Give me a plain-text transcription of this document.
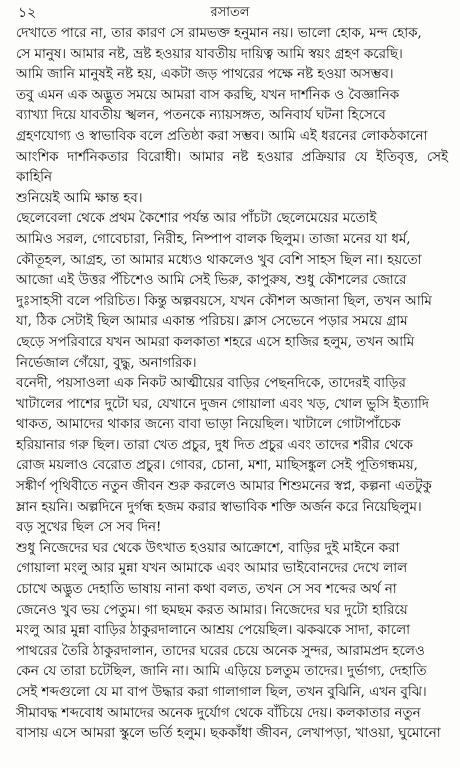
১২	রসাতল

দেখাতে পারে না, তার কারণ সে রামভক্ত হনুমান নয়। ভালো হোক, মন্দ হোক,
সে মানুষ। আমার নষ্ট, ভ্রষ্ট হওয়ার যাবতীয় দায়িত্ব আমি স্বয়ং গ্রহণ করেছি।
আমি জানি মানুষই নষ্ট হয়, একটা জড় পাথরের পক্ষে নষ্ট হওয়া অসম্ভব।

তবু এমন এক অদ্ভুত সময়ে আমরা বাস করছি, যখন দার্শনিক ও বৈজ্ঞানিক
ব্যাখ্যা দিয়ে যাবতীয় স্খলন, পতনকে ন্যায়সঙ্গত, অনিবার্য ঘটনা হিসেবে
গ্রহণযোগ্য ও স্বাভাবিক বলে প্রতিষ্ঠা করা সম্ভব। আমি এই ধরনের লোকঠকানো
আংশিক দার্শনিকতার বিরোধী। আমার নষ্ট হওয়ার প্রক্রিয়ার যে ইতিবৃত্ত, সেই কাহিনি
শুনিয়েই আমি ক্ষান্ত হব।

ছেলেবেলা থেকে প্রথম কৈশোর পর্যন্ত আর পাঁচটা ছেলেমেয়ের মতোই
আমিও সরল, গোবেচারা, নিরীহ, নিষ্পাপ বালক ছিলুম। তাজা মনের যা ধর্ম,
কৌতূহল, আগ্রহ, তা আমার মধ্যেও থাকলেও খুব বেশি সাহস ছিল না। হয়তো
আজো এই উত্তর পঁচিশেও আমি সেই ভিরু, কাপুরুষ, শুধু কৌশলের জোরে
দুঃসাহসী বলে পরিচিত। কিন্তু অল্পবয়সে, যখন কৌশল অজানা ছিল, তখন আমি
যা, ঠিক সেটাই ছিল আমার একান্ত পরিচয়। ক্লাস সেভেনে পড়ার সময়ে গ্রাম
ছেড়ে সপরিবারে যখন আমরা কলকাতা শহরে এসে হাজির হলুম, তখন আমি
নির্ভেজাল গেঁয়ো, বুদ্ধু, অনাগরিক।

বনেদী, পয়সাওলা এক নিকট আত্মীয়ের বাড়ির পেছনদিকে, তাদেরই বাড়ির
খাটালের পাশের দুটো ঘর, যেখানে দুজন গোয়ালা এবং খড়, খোল ভুসি ইত্যাদি
থাকত, আমাদের থাকার জন্যে বাবা ভাড়া নিয়েছিল। খাটালে গোটাপাঁচেক
হরিয়ানার গরু ছিল। তারা খেত প্রচুর, দুধ দিত প্রচুর এবং তাদের শরীর থেকে
রোজ ময়লাও বেরোত প্রচুর। গোবর, চোনা, মশা, মাছিসঙ্কুল সেই পূতিগন্ধময়,
সঙ্কীর্ণ পৃথিবীতে নতুন জীবন শুরু করলেও আমার শিশুমনের স্বপ্ন, কল্পনা এতটুকু
ম্লান হয়নি। অল্পদিনে দুর্গন্ধ হজম করার স্বাভাবিক শক্তি অর্জন করে নিয়েছিলুম।
বড় সুখের ছিল সে সব দিন!

শুধু নিজেদের ঘর থেকে উৎখাত হওয়ার আক্রোশে, বাড়ির দুই মাইনে করা
গোয়ালা মংলু আর মুন্না যখন আমাকে এবং আমার ভাইবোনদের দেখে লাল
চোখে অদ্ভুত দেহাতি ভাষায় নানা কথা বলত, তখন সে সব শব্দের অর্থ না
জেনেও খুব ভয় পেতুম। গা ছমছম করত আমার। নিজেদের ঘর দুটো হারিয়ে
মংলু আর মুন্না বাড়ির ঠাকুরদালানে আশ্রয় পেয়েছিল। ঝকঝকে সাদা, কালো
পাথরের তৈরি ঠাকুরদালান, তাদের ঘরের চেয়ে অনেক সুন্দর, আরামপ্রদ হলেও
কেন যে তারা চটেছিল, জানি না। আমি এড়িয়ে চলতুম তাদের। দুর্ভাগ্য, দেহাতি
সেই শব্দগুলো যে মা বাপ উদ্ধার করা গালাগাল ছিল, তখন বুঝিনি, এখন বুঝি।
সীমাবদ্ধ শব্দবোধ আমাদের অনেক দুর্যোগ থেকে বাঁচিয়ে দেয়। কলকাতার নতুন
বাসায় এসে আমরা স্কুলে ভর্তি হলুম। ছককাঁধা জীবন, লেখাপড়া, খাওয়া, ঘুমোনো
